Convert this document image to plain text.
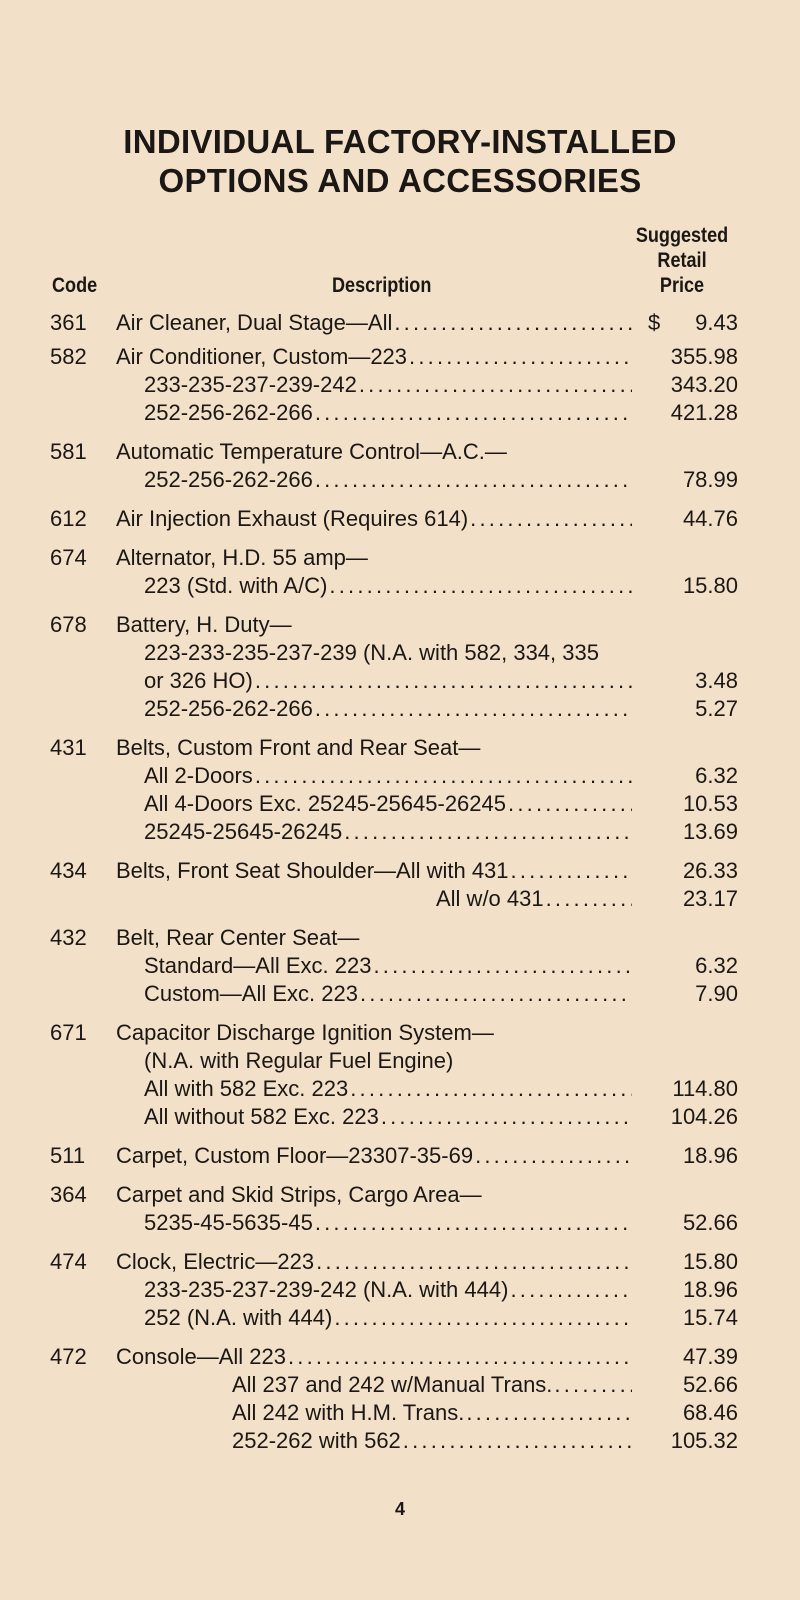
INDIVIDUAL FACTORY-INSTALLED
OPTIONS AND ACCESSORIES
Code	Description
Suggested
Retail
Price
361	Air Cleaner, Dual Stage—All .....	$ 9.43
582	Air Conditioner, Custom—223 .....	355.98
233-235-237-239-242 .....	343.20
252-256-262-266 .....	421.28
581	Automatic Temperature Control—A.C.—
252-256-262-266 .....	78.99
612	Air Injection Exhaust (Requires 614) .....	44.76
674	Alternator, H.D. 55 amp—
223 (Std. with A/C) .....	15.80
678	Battery, H. Duty—
223-233-235-237-239 (N.A. with 582, 334, 335
or 326 HO) .....	3.48
252-256-262-266 .....	5.27
431	Belts, Custom Front and Rear Seat—
All 2-Doors .....	6.32
All 4-Doors Exc. 25245-25645-26245 .....	10.53
25245-25645-26245 .....	13.69
434	Belts, Front Seat Shoulder—All with 431 .....	26.33
All w/o 431 .....	23.17
432	Belt, Rear Center Seat—
Standard—All Exc. 223 .....	6.32
Custom—All Exc. 223 .....	7.90
671	Capacitor Discharge Ignition System—
(N.A. with Regular Fuel Engine)
All with 582 Exc. 223 .....	114.80
All without 582 Exc. 223 .....	104.26
511	Carpet, Custom Floor—23307-35-69 .....	18.96
364	Carpet and Skid Strips, Cargo Area—
5235-45-5635-45 .....	52.66
474	Clock, Electric—223 .....	15.80
233-235-237-239-242 (N.A. with 444) .....	18.96
252 (N.A. with 444) .....	15.74
472	Console—All 223 .....	47.39
All 237 and 242 w/Manual Trans. .....	52.66
All 242 with H.M. Trans. .....	68.46
252-262 with 562 .....	105.32
4
